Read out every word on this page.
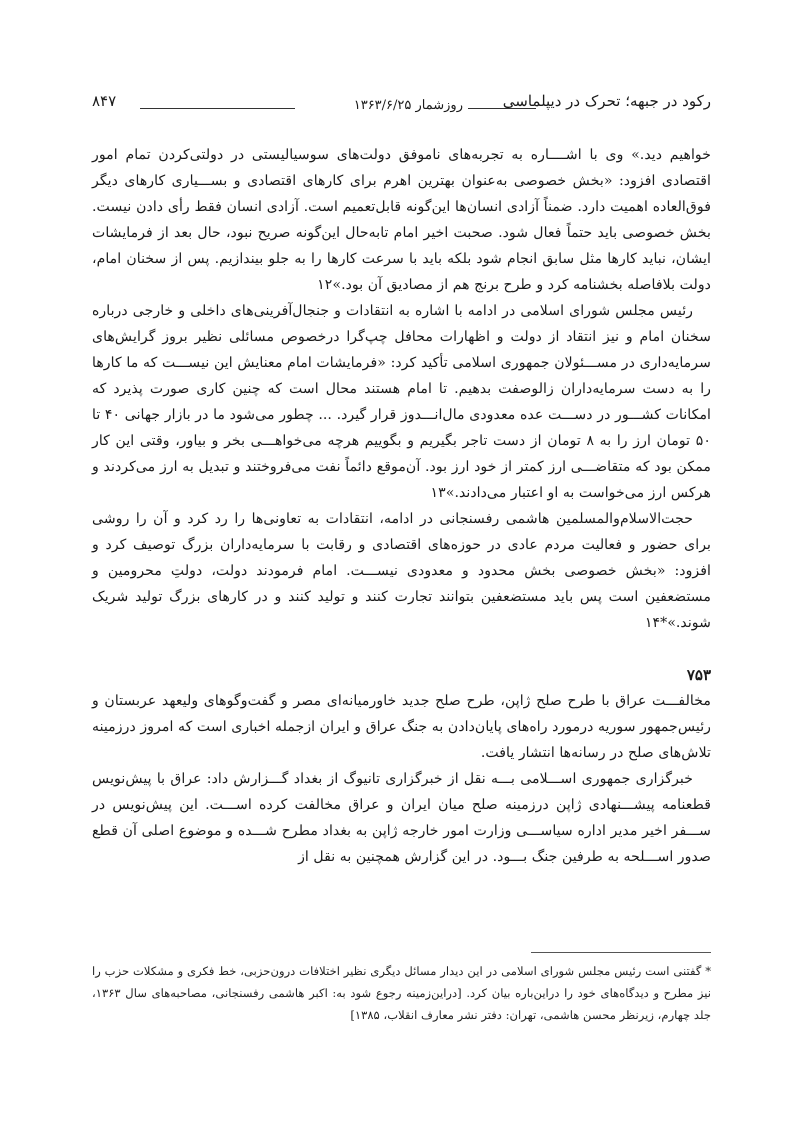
رکود در جبهه؛ تحرک در دیپلماسی
روزشمار ۱۳۶۳/۶/۲۵
۸۴۷

خواهیم دید.» وی با اشــــاره به تجربه‌های ناموفق دولت‌های سوسیالیستی در دولتی‌کردن تمام امور اقتصادی افزود: «بخش خصوصی به‌عنوان بهترین اهرم برای کارهای اقتصادی و بســـیاری کارهای دیگر فوق‌العاده اهمیت دارد. ضمناً آزادی انسان‌ها این‌گونه قابل‌تعمیم است. آزادی انسان فقط رأی دادن نیست. بخش خصوصی باید حتماً فعال شود. صحبت اخیر امام تابه‌حال این‌گونه صریح نبود، حال بعد از فرمایشات ایشان، نباید کارها مثل سابق انجام شود بلکه باید با سرعت کارها را به جلو بیندازیم. پس از سخنان امام، دولت بلافاصله بخشنامه کرد و طرح برنج هم از مصادیق آن بود.»۱۲

رئیس مجلس شورای اسلامی در ادامه با اشاره به انتقادات و جنجال‌آفرینی‌های داخلی و خارجی درباره سخنان امام و نیز انتقاد از دولت و اظهارات محافل چپ‌گرا درخصوص مسائلی نظیر بروز گرایش‌های سرمایه‌داری در مســـئولان جمهوری اسلامی تأکید کرد: «فرمایشات امام معنایش این نیســـت که ما کارها را به دست سرمایه‌داران زالوصفت بدهیم. تا امام هستند محال است که چنین کاری صورت پذیرد که امکانات کشـــور در دســـت عده معدودی مال‌انـــدوز قرار گیرد. ... چطور می‌شود ما در بازار جهانی ۴۰ تا ۵۰ تومان ارز را به ۸ تومان از دست تاجر بگیریم و بگوییم هرچه می‌خواهـــی بخر و بیاور، وقتی این کار ممکن بود که متقاضـــی ارز کمتر از خود ارز بود. آن‌موقع دائماً نفت می‌فروختند و تبدیل به ارز می‌کردند و هرکس ارز می‌خواست به او اعتبار می‌دادند.»۱۳

حجت‌الاسلام‌والمسلمین هاشمی رفسنجانی در ادامه، انتقادات به تعاونی‌ها را رد کرد و آن را روشی برای حضور و فعالیت مردم عادی در حوزه‌های اقتصادی و رقابت با سرمایه‌داران بزرگ توصیف کرد و افزود: «بخش خصوصی بخش محدود و معدودی نیســـت. امام فرمودند دولت، دولتِ محرومین و مستضعفین است پس باید مستضعفین بتوانند تجارت کنند و تولید کنند و در کارهای بزرگ تولید شریک شوند.»*۱۴

۷۵۳

مخالفـــت عراق با طرح صلح ژاپن، طرح صلح جدید خاورمیانه‌ای مصر و گفت‌وگوهای ولیعهد عربستان و رئیس‌جمهور سوریه درمورد راه‌های پایان‌دادن به جنگ عراق و ایران ازجمله اخباری است که امروز درزمینه تلاش‌های صلح در رسانه‌ها انتشار یافت.

خبرگزاری جمهوری اســـلامی بـــه نقل از خبرگزاری تانیوگ از بغداد گـــزارش داد: عراق با پیش‌نویس قطعنامه پیشـــنهادی ژاپن درزمینه صلح میان ایران و عراق مخالفت کرده اســـت. این پیش‌نویس در ســـفر اخیر مدیر اداره سیاســـی وزارت امور خارجه ژاپن به بغداد مطرح شـــده و موضوع اصلی آن قطع صدور اســـلحه به طرفین جنگ بـــود. در این گزارش همچنین به نقل از

* گفتنی است رئیس مجلس شورای اسلامی در این دیدار مسائل دیگری نظیر اختلافات درون‌حزبی، خط فکری و مشکلات حزب را نیز مطرح و دیدگاه‌های خود را دراین‌باره بیان کرد. [دراین‌زمینه رجوع شود به: اکبر هاشمی رفسنجانی، مصاحبه‌های سال ۱۳۶۳، جلد چهارم، زیرنظر محسن هاشمی، تهران: دفتر نشر معارف انقلاب، ۱۳۸۵]
